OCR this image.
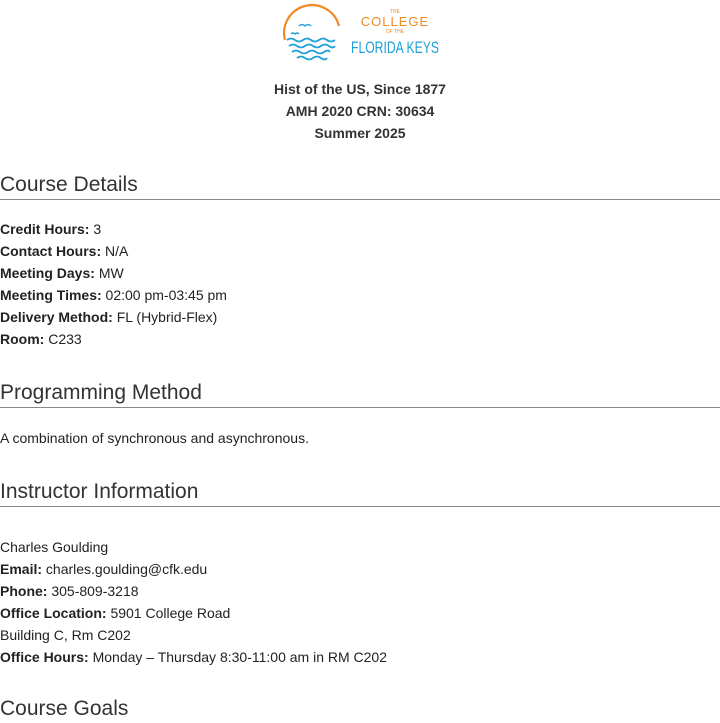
THE
COLLEGE
OF THE
FLORIDA KEYS
Hist of the US, Since 1877
AMH 2020 CRN: 30634
Summer 2025
Course Details
Credit Hours: 3
Contact Hours: N/A
Meeting Days: MW
Meeting Times: 02:00 pm-03:45 pm
Delivery Method: FL (Hybrid-Flex)
Room: C233
Programming Method
A combination of synchronous and asynchronous.
Instructor Information
Charles Goulding
Email: charles.goulding@cfk.edu
Phone: 305-809-3218
Office Location: 5901 College Road
Building C, Rm C202
Office Hours: Monday – Thursday 8:30-11:00 am in RM C202
Course Goals
